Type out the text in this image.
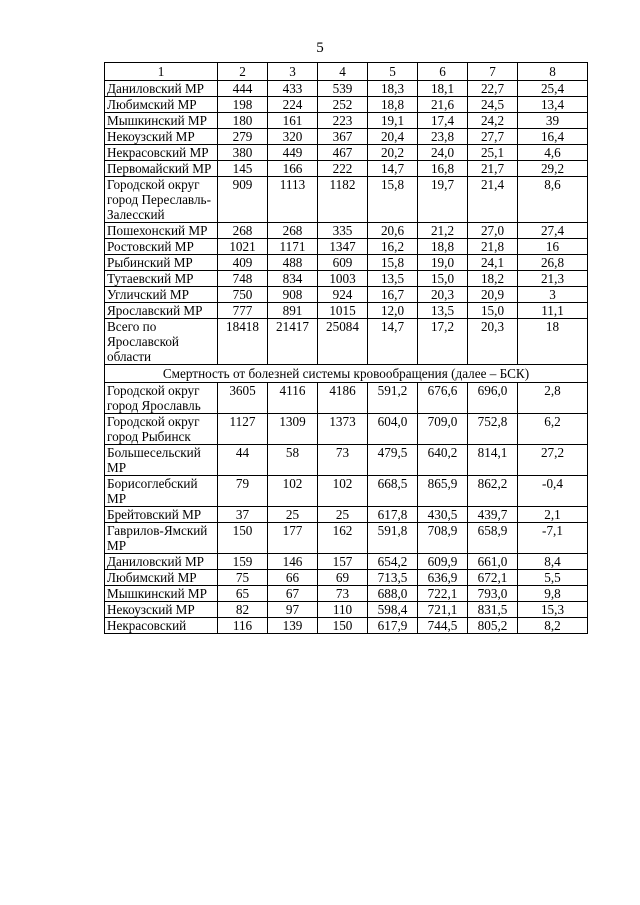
5
1	2	3	4	5	6	7	8
Даниловский МР	444	433	539	18,3	18,1	22,7	25,4
Любимский МР	198	224	252	18,8	21,6	24,5	13,4
Мышкинский МР	180	161	223	19,1	17,4	24,2	39
Некоузский МР	279	320	367	20,4	23,8	27,7	16,4
Некрасовский МР	380	449	467	20,2	24,0	25,1	4,6
Первомайский МР	145	166	222	14,7	16,8	21,7	29,2
Городской округ город Переславль-Залесский	909	1113	1182	15,8	19,7	21,4	8,6
Пошехонский МР	268	268	335	20,6	21,2	27,0	27,4
Ростовский МР	1021	1171	1347	16,2	18,8	21,8	16
Рыбинский МР	409	488	609	15,8	19,0	24,1	26,8
Тутаевский МР	748	834	1003	13,5	15,0	18,2	21,3
Угличский МР	750	908	924	16,7	20,3	20,9	3
Ярославский МР	777	891	1015	12,0	13,5	15,0	11,1
Всего по Ярославской области	18418	21417	25084	14,7	17,2	20,3	18
Смертность от болезней системы кровообращения (далее – БСК)							
Городской округ город Ярославль	3605	4116	4186	591,2	676,6	696,0	2,8
Городской округ город Рыбинск	1127	1309	1373	604,0	709,0	752,8	6,2
Большесельский МР	44	58	73	479,5	640,2	814,1	27,2
Борисоглебский МР	79	102	102	668,5	865,9	862,2	-0,4
Брейтовский МР	37	25	25	617,8	430,5	439,7	2,1
Гаврилов-Ямский МР	150	177	162	591,8	708,9	658,9	-7,1
Даниловский МР	159	146	157	654,2	609,9	661,0	8,4
Любимский МР	75	66	69	713,5	636,9	672,1	5,5
Мышкинский МР	65	67	73	688,0	722,1	793,0	9,8
Некоузский МР	82	97	110	598,4	721,1	831,5	15,3
Некрасовский	116	139	150	617,9	744,5	805,2	8,2
